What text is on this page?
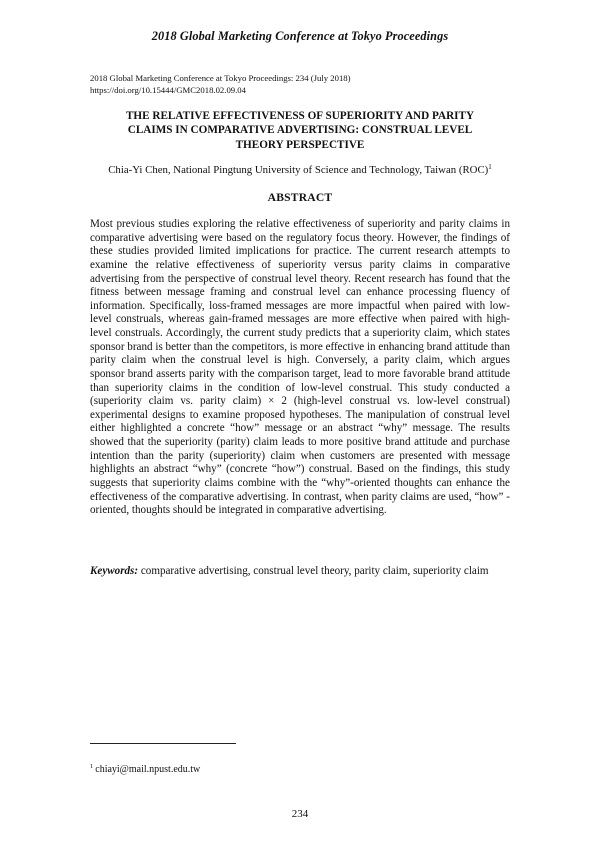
2018 Global Marketing Conference at Tokyo Proceedings
2018 Global Marketing Conference at Tokyo Proceedings: 234 (July 2018)
https://doi.org/10.15444/GMC2018.02.09.04
THE RELATIVE EFFECTIVENESS OF SUPERIORITY AND PARITY
CLAIMS IN COMPARATIVE ADVERTISING: CONSTRUAL LEVEL
THEORY PERSPECTIVE
Chia-Yi Chen, National Pingtung University of Science and Technology, Taiwan (ROC)$^1$
ABSTRACT

Most previous studies exploring the relative effectiveness of superiority and parity claims in comparative advertising were based on the regulatory focus theory. However, the findings of these studies provided limited implications for practice. The current research attempts to examine the relative effectiveness of superiority versus parity claims in comparative advertising from the perspective of construal level theory. Recent research has found that the fitness between message framing and construal level can enhance processing fluency of information. Specifically, loss-framed messages are more impactful when paired with low-level construals, whereas gain-framed messages are more effective when paired with high-level construals. Accordingly, the current study predicts that a superiority claim, which states sponsor brand is better than the competitors, is more effective in enhancing brand attitude than parity claim when the construal level is high. Conversely, a parity claim, which argues sponsor brand asserts parity with the comparison target, lead to more favorable brand attitude than superiority claims in the condition of low-level construal. This study conducted a (superiority claim vs. parity claim) × 2 (high-level construal vs. low-level construal) experimental designs to examine proposed hypotheses. The manipulation of construal level either highlighted a concrete “how” message or an abstract “why” message. The results showed that the superiority (parity) claim leads to more positive brand attitude and purchase intention than the parity (superiority) claim when customers are presented with message highlights an abstract “why” (concrete “how”) construal. Based on the findings, this study suggests that superiority claims combine with the “why”-oriented thoughts can enhance the effectiveness of the comparative advertising. In contrast, when parity claims are used, “how” -oriented, thoughts should be integrated in comparative advertising.

Keywords: comparative advertising, construal level theory, parity claim, superiority claim

$^1$ chiayi@mail.npust.edu.tw
234
